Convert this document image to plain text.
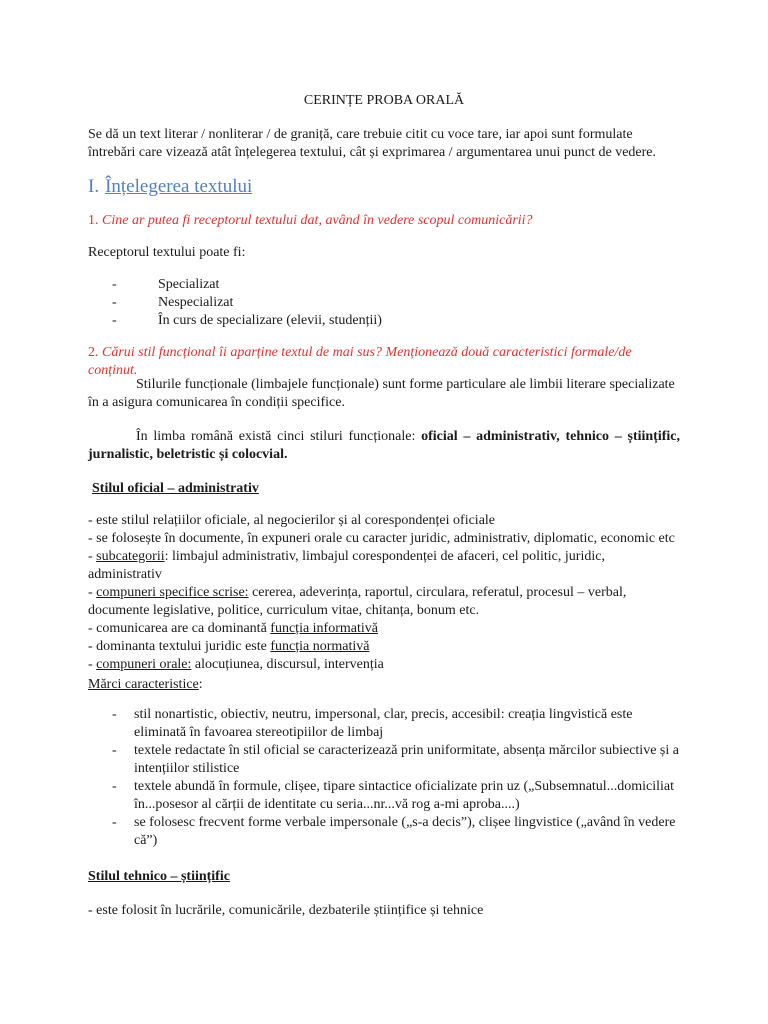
CERINȚE PROBA ORALĂ
Se dă un text literar / nonliterar / de graniță, care trebuie citit cu voce tare, iar apoi sunt formulate întrebări care vizează atât înțelegerea textului, cât și exprimarea / argumentarea unui punct de vedere.
I. Înțelegerea textului
1. Cine ar putea fi receptorul textului dat, având în vedere scopul comunicării?
Receptorul textului poate fi:
- Specializat
- Nespecializat
- În curs de specializare (elevii, studenții)
2. Cărui stil funcțional îi aparține textul de mai sus? Menționează două caracteristici formale/de conținut.
Stilurile funcționale (limbajele funcționale) sunt forme particulare ale limbii literare specializate în a asigura comunicarea în condiții specifice.
În limba română există cinci stiluri funcționale: oficial – administrativ, tehnico – științific, jurnalistic, beletristic și colocvial.
Stilul oficial – administrativ
- este stilul relațiilor oficiale, al negocierilor și al corespondenței oficiale
- se folosește în documente, în expuneri orale cu caracter juridic, administrativ, diplomatic, economic etc
- subcategorii: limbajul administrativ, limbajul corespondenței de afaceri, cel politic, juridic, administrativ
- compuneri specifice scrise: cererea, adeverința, raportul, circulara, referatul, procesul – verbal, documente legislative, politice, curriculum vitae, chitanța, bonum etc.
- comunicarea are ca dominantă funcția informativă
- dominanta textului juridic este funcția normativă
- compuneri orale: alocuțiunea, discursul, intervenția
Mărci caracteristice:
- stil nonartistic, obiectiv, neutru, impersonal, clar, precis, accesibil: creația lingvistică este eliminată în favoarea stereotipiilor de limbaj
- textele redactate în stil oficial se caracterizează prin uniformitate, absența mărcilor subiective și a intențiilor stilistice
- textele abundă în formule, clișee, tipare sintactice oficializate prin uz („Subsemnatul...domiciliat în...posesor al cărții de identitate cu seria...nr...vă rog a-mi aproba....)
- se folosesc frecvent forme verbale impersonale („s-a decis”), clișee lingvistice („având în vedere că”)
Stilul tehnico – științific
- este folosit în lucrările, comunicările, dezbaterile științifice și tehnice
